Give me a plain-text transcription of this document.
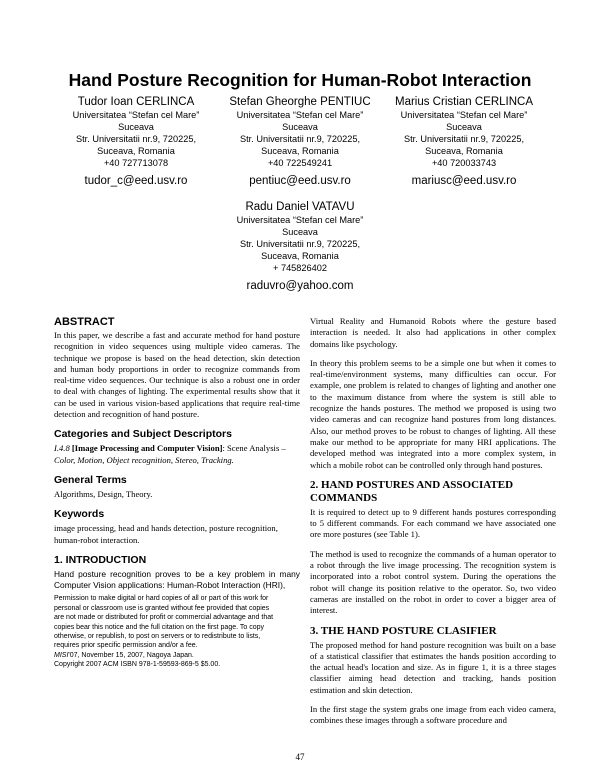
Hand Posture Recognition for Human-Robot Interaction
Tudor Ioan CERLINCA
Universitatea “Stefan cel Mare”
Suceava
Str. Universitatii nr.9, 720225,
Suceava, Romania
+40 727713078
tudor_c@eed.usv.ro
Stefan Gheorghe PENTIUC
Universitatea “Stefan cel Mare”
Suceava
Str. Universitatii nr.9, 720225,
Suceava, Romania
+40 722549241
pentiuc@eed.usv.ro
Marius Cristian CERLINCA
Universitatea “Stefan cel Mare”
Suceava
Str. Universitatii nr.9, 720225,
Suceava, Romania
+40 720033743
mariusc@eed.usv.ro
Radu Daniel VATAVU
Universitatea “Stefan cel Mare”
Suceava
Str. Universitatii nr.9, 720225,
Suceava, Romania
+ 745826402
raduvro@yahoo.com
ABSTRACT

In this paper, we describe a fast and accurate method for hand posture recognition in video sequences using multiple video cameras. The technique we propose is based on the head detection, skin detection and human body proportions in order to recognize commands from real-time video sequences. Our technique is also a robust one in order to deal with changes of lighting. The experimental results show that it can be used in various vision-based applications that require real-time detection and recognition of hand posture.

Categories and Subject Descriptors

I.4.8 [Image Processing and Computer Vision]: Scene Analysis – Color, Motion, Object recognition, Stereo, Tracking.

General Terms

Algorithms, Design, Theory.

Keywords

image processing, head and hands detection, posture recognition, human-robot interaction.

1. INTRODUCTION

Hand posture recognition proves to be a key problem in many Computer Vision applications: Human-Robot Interaction (HRI),

Permission to make digital or hard copies of all or part of this work for
personal or classroom use is granted without fee provided that copies
are not made or distributed for profit or commercial advantage and that
copies bear this notice and the full citation on the first page. To copy
otherwise, or republish, to post on servers or to redistribute to lists,
requires prior specific permission and/or a fee.
MISI'07, November 15, 2007, Nagoya Japan.
Copyright 2007 ACM ISBN 978-1-59593-869-5 $5.00.

Virtual Reality and Humanoid Robots where the gesture based interaction is needed. It also had applications in other complex domains like psychology.

In theory this problem seems to be a simple one but when it comes to real-time/environment systems, many difficulties can occur. For example, one problem is related to changes of lighting and another one to the maximum distance from where the system is still able to recognize the hands postures. The method we proposed is using two video cameras and can recognize hand postures from long distances. Also, our method proves to be robust to changes of lighting. All these make our method to be appropriate for many HRI applications. The developed method was integrated into a more complex system, in which a mobile robot can be controlled only through hand postures.

2. HAND POSTURES AND ASSOCIATED COMMANDS

It is required to detect up to 9 different hands postures corresponding to 5 different commands. For each command we have associated one ore more postures (see Table 1).

The method is used to recognize the commands of a human operator to a robot through the live image processing. The recognition system is incorporated into a robot control system. During the operations the robot will change its position relative to the operator. So, two video cameras are installed on the robot in order to cover a bigger area of interest.

3. THE HAND POSTURE CLASIFIER

The proposed method for hand posture recognition was built on a base of a statistical classifier that estimates the hands position according to the actual head's location and size. As in figure 1, it is a three stages classifier aiming head detection and tracking, hands position estimation and skin detection.

In the first stage the system grabs one image from each video camera, combines these images through a software procedure and

47
